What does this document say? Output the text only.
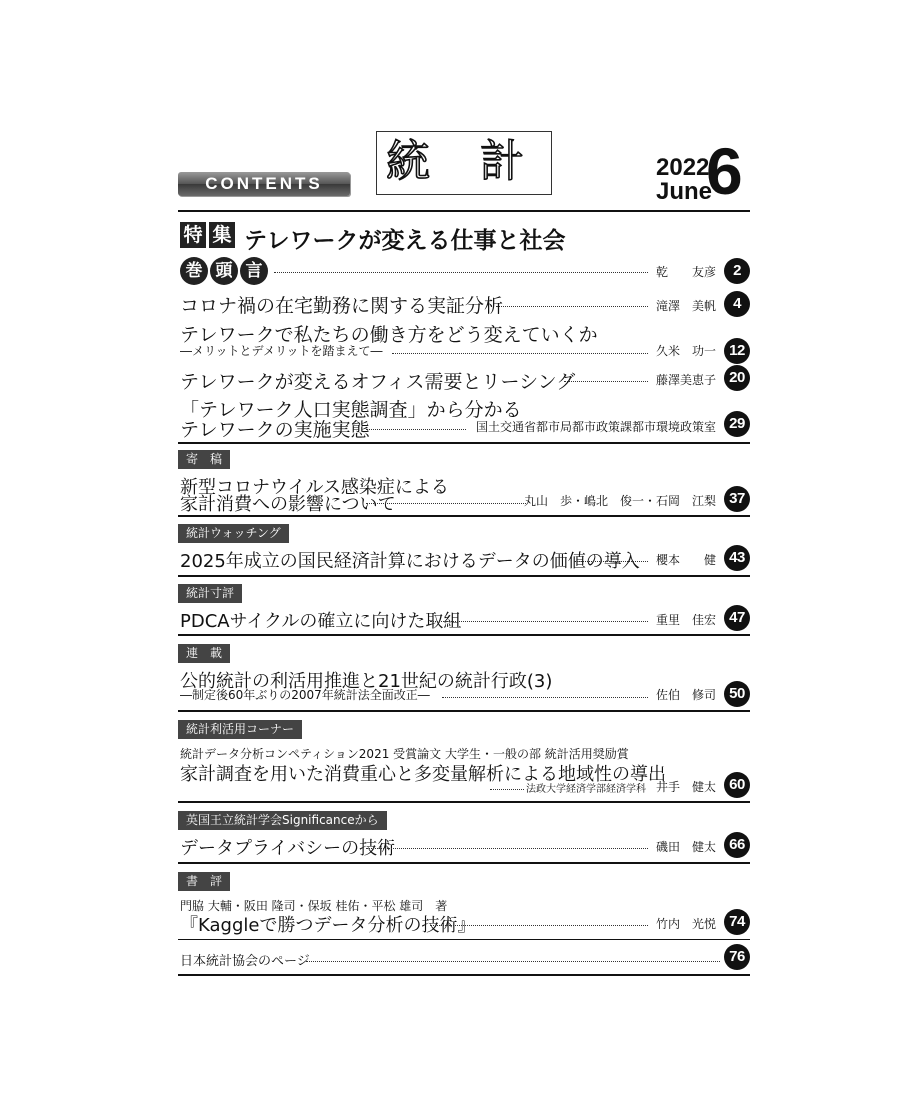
CONTENTS	統 計	2022
June
6
特 集 テレワークが変える仕事と社会
巻 頭 言	乾　　友彦	2
コロナ禍の在宅勤務に関する実証分析	滝澤　美帆	4
テレワークで私たちの働き方をどう変えていくか
―メリットとデメリットを踏まえて―	久米　功一 12
テレワークが変えるオフィス需要とリーシング	藤澤美恵子 20
「テレワーク人口実態調査」から分かる
テレワークの実施実態	国土交通省都市局都市政策課都市環境政策室 29
寄　稿
新型コロナウイルス感染症による
家計消費への影響について	丸山　歩・嶋北　俊一・石岡　江梨 37
統計ウォッチング
2025年成立の国民経済計算におけるデータの価値の導入 櫻本　　健 43
統計寸評
PDCAサイクルの確立に向けた取組	重里　佳宏 47
連　載
公的統計の利活用推進と21世紀の統計行政(3)
―制定後60年ぶりの2007年統計法全面改正―	佐伯　修司 50
統計利活用コーナー
統計データ分析コンペティション2021 受賞論文 大学生・一般の部 統計活用奨励賞
家計調査を用いた消費重心と多変量解析による地域性の導出
法政大学経済学部経済学科 井手　健太 60
英国王立統計学会Significanceから
データプライバシーの技術	磯田　健太 66
書　評
門脇 大輔・阪田 隆司・保坂 桂佑・平松 雄司　著
『Kaggleで勝つデータ分析の技術』	竹内　光悦 74
日本統計協会のページ	76
